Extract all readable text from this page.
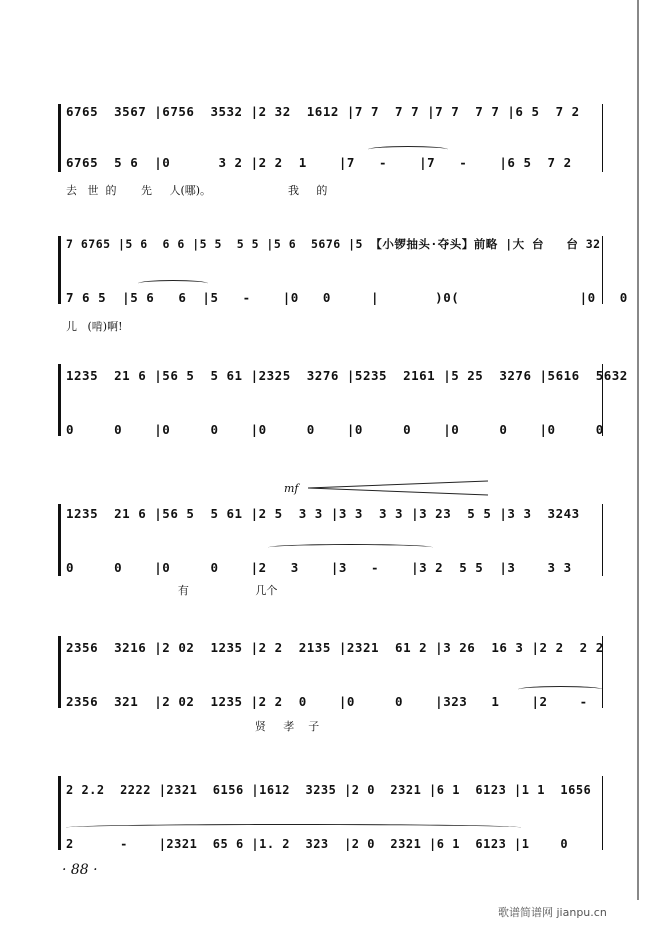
6765  3567 |6756  3532 |2 32  1612 |7 7  7 7 |7 7  7 7 |6 5  7 2
6765  5 6  |0      3 2 |2 2  1    |7   -    |7   -    |6 5  7 2
去   世  的       先     人(哪)。                      我     的
7 6765 |5 6  6 6 |5 5  5 5 |5 6  5676 |5 【小锣抽头·夺头】前略 |大 台   台 32
7 6 5  |5 6   6  |5   -    |0   0     |       )0(               |0   0
儿   (啃)啊!
1235  21 6 |56 5  5 61 |2325  3276 |5235  2161 |5 25  3276 |5616  5632
0     0    |0     0    |0     0    |0     0    |0     0    |0     0
mf
1235  21 6 |56 5  5 61 |2 5  3 3 |3 3  3 3 |3 23  5 5 |3 3  3243
0     0    |0     0    |2   3    |3   -    |3 2  5 5  |3    3 3
有                   几个
2356  3216 |2 02  1235 |2 2  2135 |2321  61 2 |3 26  16 3 |2 2  2 2
2356  321  |2 02  1235 |2 2  0    |0     0    |323   1    |2    -
贤     孝    子
2 2.2  2222 |2321  6156 |1612  3235 |2 0  2321 |6 1  6123 |1 1  1656
2      -    |2321  65 6 |1. 2  323  |2 0  2321 |6 1  6123 |1    0
· 88 ·
歌谱简谱网 jianpu.cn
